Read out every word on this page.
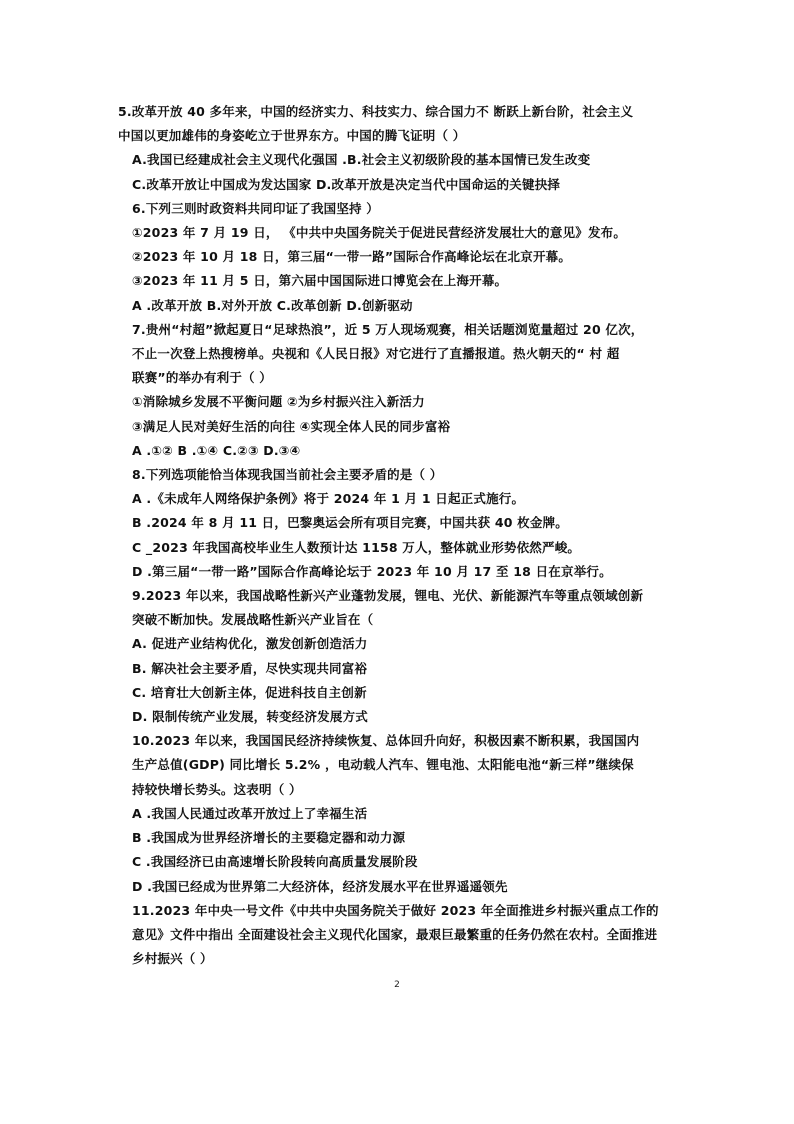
5.改革开放 40 多年来，中国的经济实力、科技实力、综合国力不 断跃上新台阶，社会主义
中国以更加雄伟的身姿屹立于世界东方。中国的腾飞证明（ ）
A.我国已经建成社会主义现代化强国 .B.社会主义初级阶段的基本国情已发生改变
C.改革开放让中国成为发达国家 D.改革开放是决定当代中国命运的关键抉择
6.下列三则时政资料共同印证了我国坚持 ）
①2023 年 7 月 19 日， 《中共中央国务院关于促进民营经济发展壮大的意见》发布。
②2023 年 10 月 18 日，第三届“一带一路”国际合作高峰论坛在北京开幕。
③2023 年 11 月 5 日，第六届中国国际进口博览会在上海开幕。
A .改革开放 B.对外开放 C.改革创新 D.创新驱动
7.贵州“村超”掀起夏日“足球热浪”，近 5 万人现场观赛，相关话题浏览量超过 20 亿次，
不止一次登上热搜榜单。央视和《人民日报》对它进行了直播报道。热火朝天的“ 村 超
联赛”的举办有利于（ ）
①消除城乡发展不平衡问题 ②为乡村振兴注入新活力
③满足人民对美好生活的向往 ④实现全体人民的同步富裕
A .①② B .①④ C.②③ D.③④
8.下列选项能恰当体现我国当前社会主要矛盾的是（ ）
A .《未成年人网络保护条例》将于 2024 年 1 月 1 日起正式施行。
B .2024 年 8 月 11 日，巴黎奥运会所有项目完赛，中国共获 40 枚金牌。
C _2023 年我国高校毕业生人数预计达 1158 万人，整体就业形势依然严峻。
D .第三届“一带一路”国际合作高峰论坛于 2023 年 10 月 17 至 18 日在京举行。
9.2023 年以来，我国战略性新兴产业蓬勃发展，锂电、光伏、新能源汽车等重点领域创新
突破不断加快。发展战略性新兴产业旨在（
A. 促进产业结构优化，激发创新创造活力
B. 解决社会主要矛盾，尽快实现共同富裕
C. 培育壮大创新主体，促进科技自主创新
D. 限制传统产业发展，转变经济发展方式
10.2023 年以来，我国国民经济持续恢复、总体回升向好，积极因素不断积累，我国国内
生产总值(GDP) 同比增长 5.2% ，电动载人汽车、锂电池、太阳能电池“新三样”继续保
持较快增长势头。这表明（ ）
A .我国人民通过改革开放过上了幸福生活
B .我国成为世界经济增长的主要稳定器和动力源
C .我国经济已由高速增长阶段转向高质量发展阶段
D .我国已经成为世界第二大经济体，经济发展水平在世界遥遥领先
11.2023 年中央一号文件《中共中央国务院关于做好 2023 年全面推进乡村振兴重点工作的
意见》文件中指出 全面建设社会主义现代化国家，最艰巨最繁重的任务仍然在农村。全面推进
乡村振兴（ ）
2
